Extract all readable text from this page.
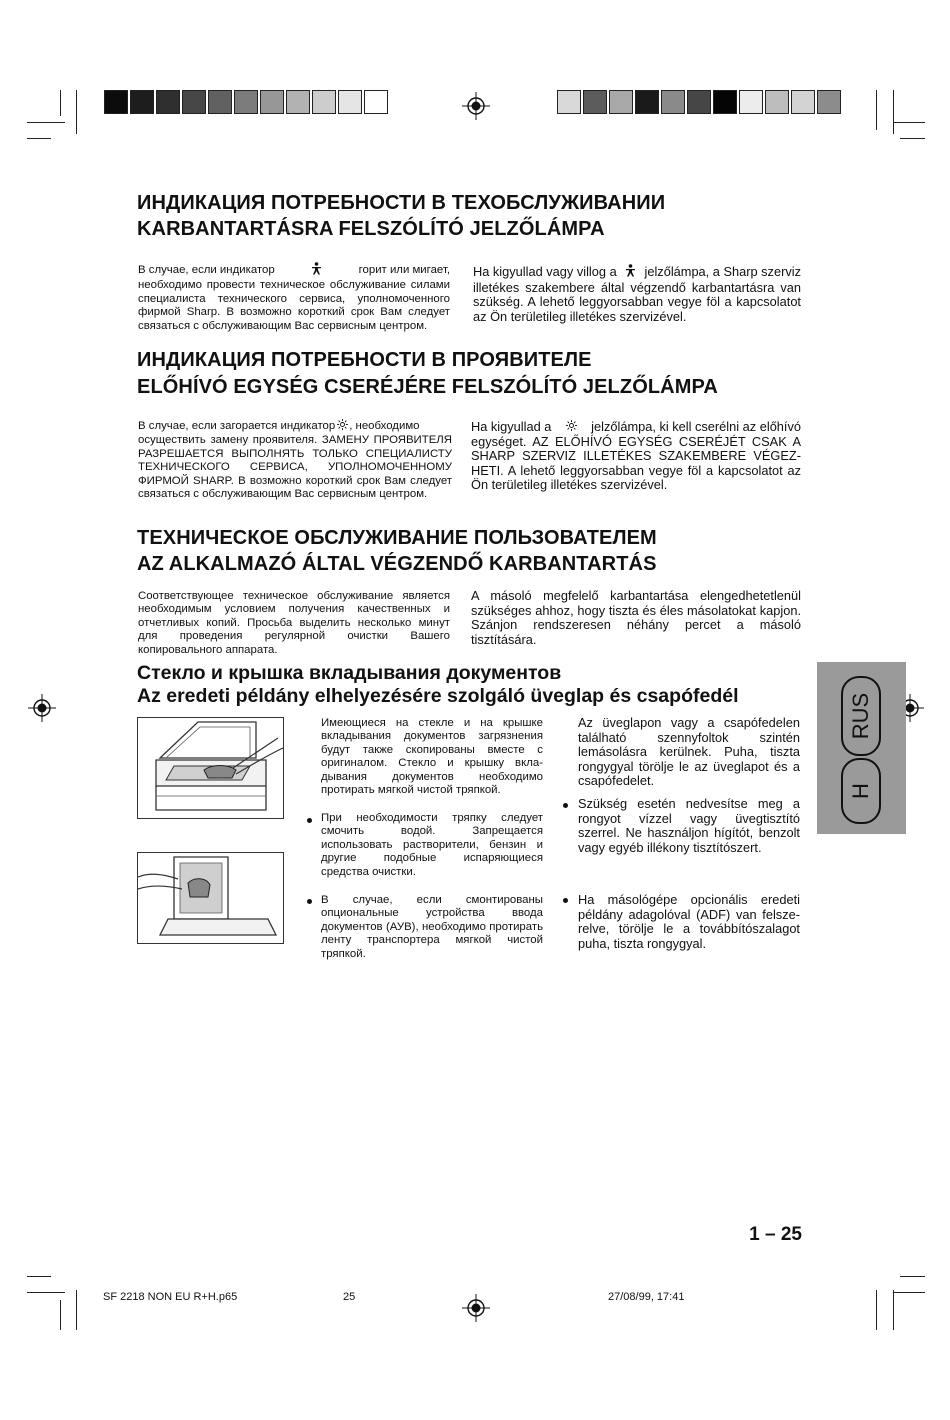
ИНДИКАЦИЯ ПОТРЕБНОСТИ В ТЕХОБСЛУЖИВАНИИ
KARBANTARTÁSRA FELSZÓLÍTÓ JELZŐLÁMPA
В случае, если индикатор	горит или мигает,
необходимо провести техническое обслуживание силами специалиста технического сервиса, уполномоченного фирмой Sharp. В возможно короткий срок Вам следует связаться с обслуживающим Вас сервисным центром.
Ha kigyullad vagy villog a jelzőlámpa, a Sharp szerviz
illetékes szakembere által végzendő karbantartásra van szükség. A lehető leggyorsabban vegye föl a kapcsolatot az Ön területileg illetékes szervizével.
ИНДИКАЦИЯ ПОТРЕБНОСТИ В ПРОЯВИТЕЛЕ
ELŐHÍVÓ EGYSÉG CSERÉJÉRE FELSZÓLÍTÓ JELZŐLÁMPA
В случае, если загорается индикатор , необходимо
осуществить замену проявителя. ЗАМЕНУ ПРОЯВИТЕЛЯ РАЗРЕШАЕТСЯ ВЫПОЛНЯТЬ ТОЛЬКО СПЕЦИАЛИСТУ ТЕХНИЧЕСКОГО СЕРВИСА, УПОЛНОМОЧЕННОМУ ФИРМОЙ SHARP. В возможно короткий срок Вам следует связаться с обслуживающим Вас сервисным центром.
Ha kigyullad a	jelzőlámpa, ki kell cserélni az előhívó
egységet. AZ ELŐHÍVÓ EGYSÉG CSERÉJÉT CSAK A SHARP SZERVIZ ILLETÉKES SZAKEMBERE VÉGEZ-HETI. A lehető leggyorsabban vegye föl a kapcsolatot az Ön területileg illetékes szervizével.
ТЕХНИЧЕСКОЕ ОБСЛУЖИВАНИЕ ПОЛЬЗОВАТЕЛЕМ
AZ ALKALMAZÓ ÁLTAL VÉGZENDŐ KARBANTARTÁS
Соответствующее техническое обслуживание является необходимым условием получения качественных и отчетливых копий. Просьба выделить несколько минут для проведения регулярной очистки Вашего копировального аппарата.
A másoló megfelelő karbantartása elengedhetetlenül szükséges ahhoz, hogy tiszta és éles másolatokat kapjon. Szánjon rendszeresen néhány percet a másoló tisztítására.
Стекло и крышка вкладывания документов
Az eredeti példány elhelyezésére szolgáló üveglap és csapófedél
Имеющиеся на стекле и на крышке вкладывания документов загрязнения будут также скопированы вместе с оригиналом. Стекло и крышку вкла-дывания документов необходимо протирать мягкой чистой тряпкой.
При необходимости тряпку следует смочить водой. Запрещается использовать растворители, бензин и другие подобные испаряющиеся средства очистки.
В случае, если смонтированы опциональные устройства ввода документов (АУВ), необходимо протирать ленту транспортера мягкой чистой тряпкой.
Az üveglapon vagy a csapófedelen található szennyfoltok szintén lemásolásra kerülnek. Puha, tiszta rongygyal törölje le az üveglapot és a csapófedelet.
Szükség esetén nedvesítse meg a rongyot vízzel vagy üvegtisztító szerrel. Ne használjon hígítót, benzolt vagy egyéb illékony tisztítószert.
Ha másológépe opcionális eredeti példány adagolóval (ADF) van felsze-relve, törölje le a továbbítószalagot puha, tiszta rongygyal.
RUS
H
1 – 25
SF 2218 NON EU R+H.p65	25	27/08/99, 17:41
